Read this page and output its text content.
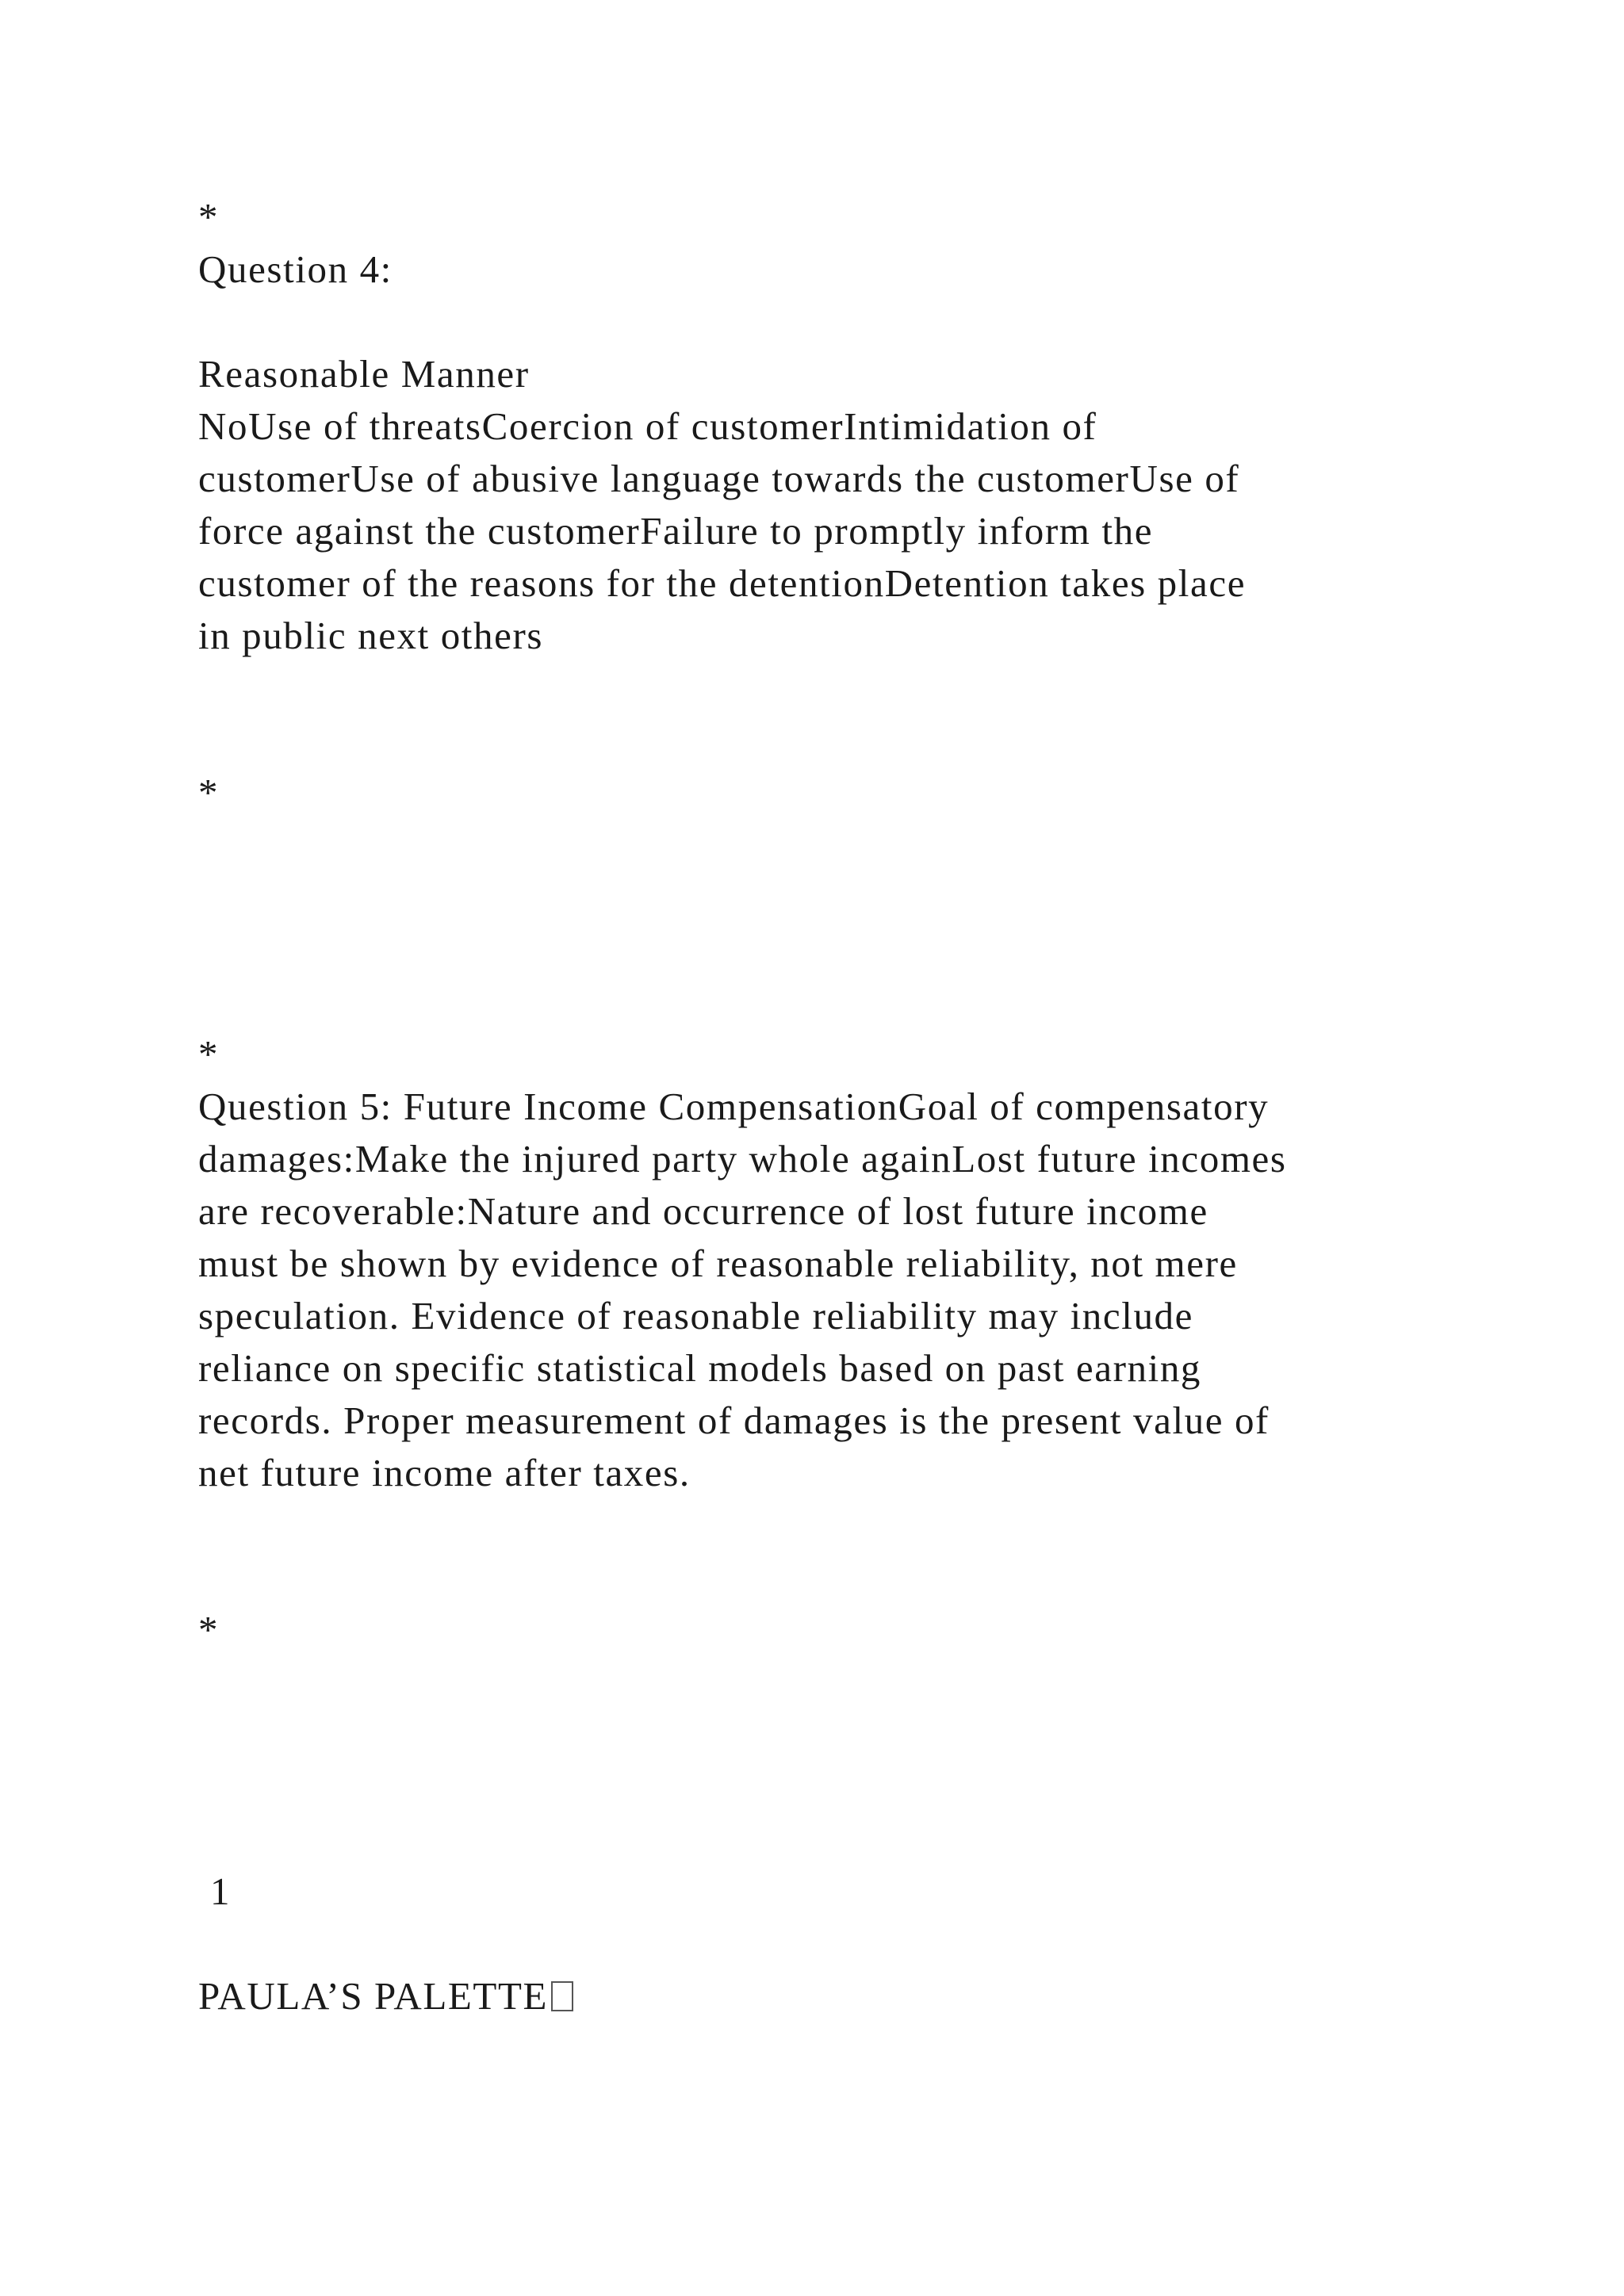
*

Question 4:

Reasonable Manner

NoUse of threatsCoercion of customerIntimidation of
customerUse of abusive language towards the customerUse of
force against the customerFailure to promptly inform the
customer of the reasons for the detentionDetention takes place
in public next others

*

*

Question 5: Future Income CompensationGoal of compensatory
damages:Make the injured party whole againLost future incomes
are recoverable:Nature and occurrence of lost future income
must be shown by evidence of reasonable reliability, not mere
speculation. Evidence of reasonable reliability may include
reliance on specific statistical models based on past earning
records. Proper measurement of damages is the present value of
net future income after taxes.

*

1

PAULA’S PALETTE
